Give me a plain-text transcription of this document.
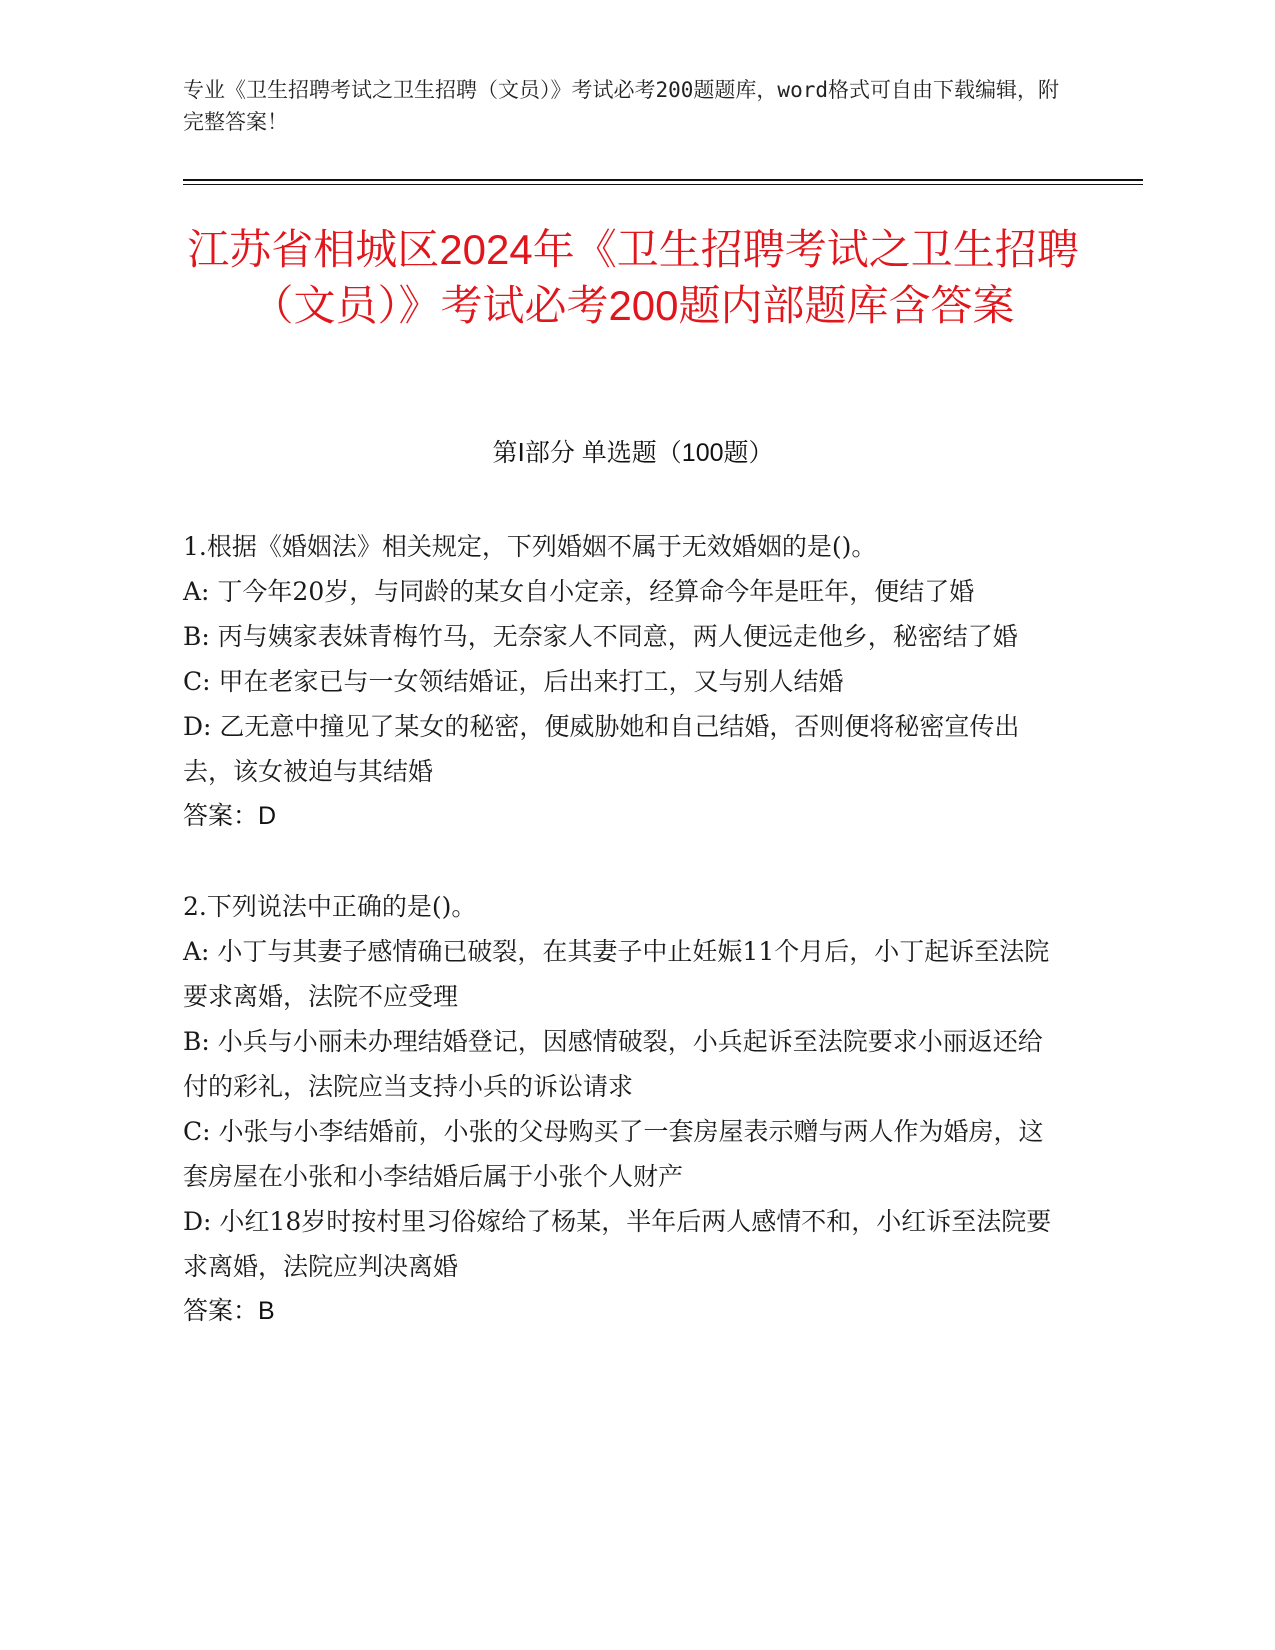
专业《卫生招聘考试之卫生招聘（文员）》考试必考200题题库，word格式可自由下载编辑，附完整答案！
江苏省相城区2024年《卫生招聘考试之卫生招聘（文员）》考试必考200题内部题库含答案
第Ⅰ部分 单选题（100题）

1.根据《婚姻法》相关规定，下列婚姻不属于无效婚姻的是()。

A: 丁今年20岁，与同龄的某女自小定亲，经算命今年是旺年，便结了婚

B: 丙与姨家表妹青梅竹马，无奈家人不同意，两人便远走他乡，秘密结了婚

C: 甲在老家已与一女领结婚证，后出来打工，又与别人结婚

D: 乙无意中撞见了某女的秘密，便威胁她和自己结婚，否则便将秘密宣传出去，该女被迫与其结婚

答案：D

2.下列说法中正确的是()。

A: 小丁与其妻子感情确已破裂，在其妻子中止妊娠11个月后，小丁起诉至法院要求离婚，法院不应受理

B: 小兵与小丽未办理结婚登记，因感情破裂，小兵起诉至法院要求小丽返还给付的彩礼，法院应当支持小兵的诉讼请求

C: 小张与小李结婚前，小张的父母购买了一套房屋表示赠与两人作为婚房，这套房屋在小张和小李结婚后属于小张个人财产

D: 小红18岁时按村里习俗嫁给了杨某，半年后两人感情不和，小红诉至法院要求离婚，法院应判决离婚

答案：B
